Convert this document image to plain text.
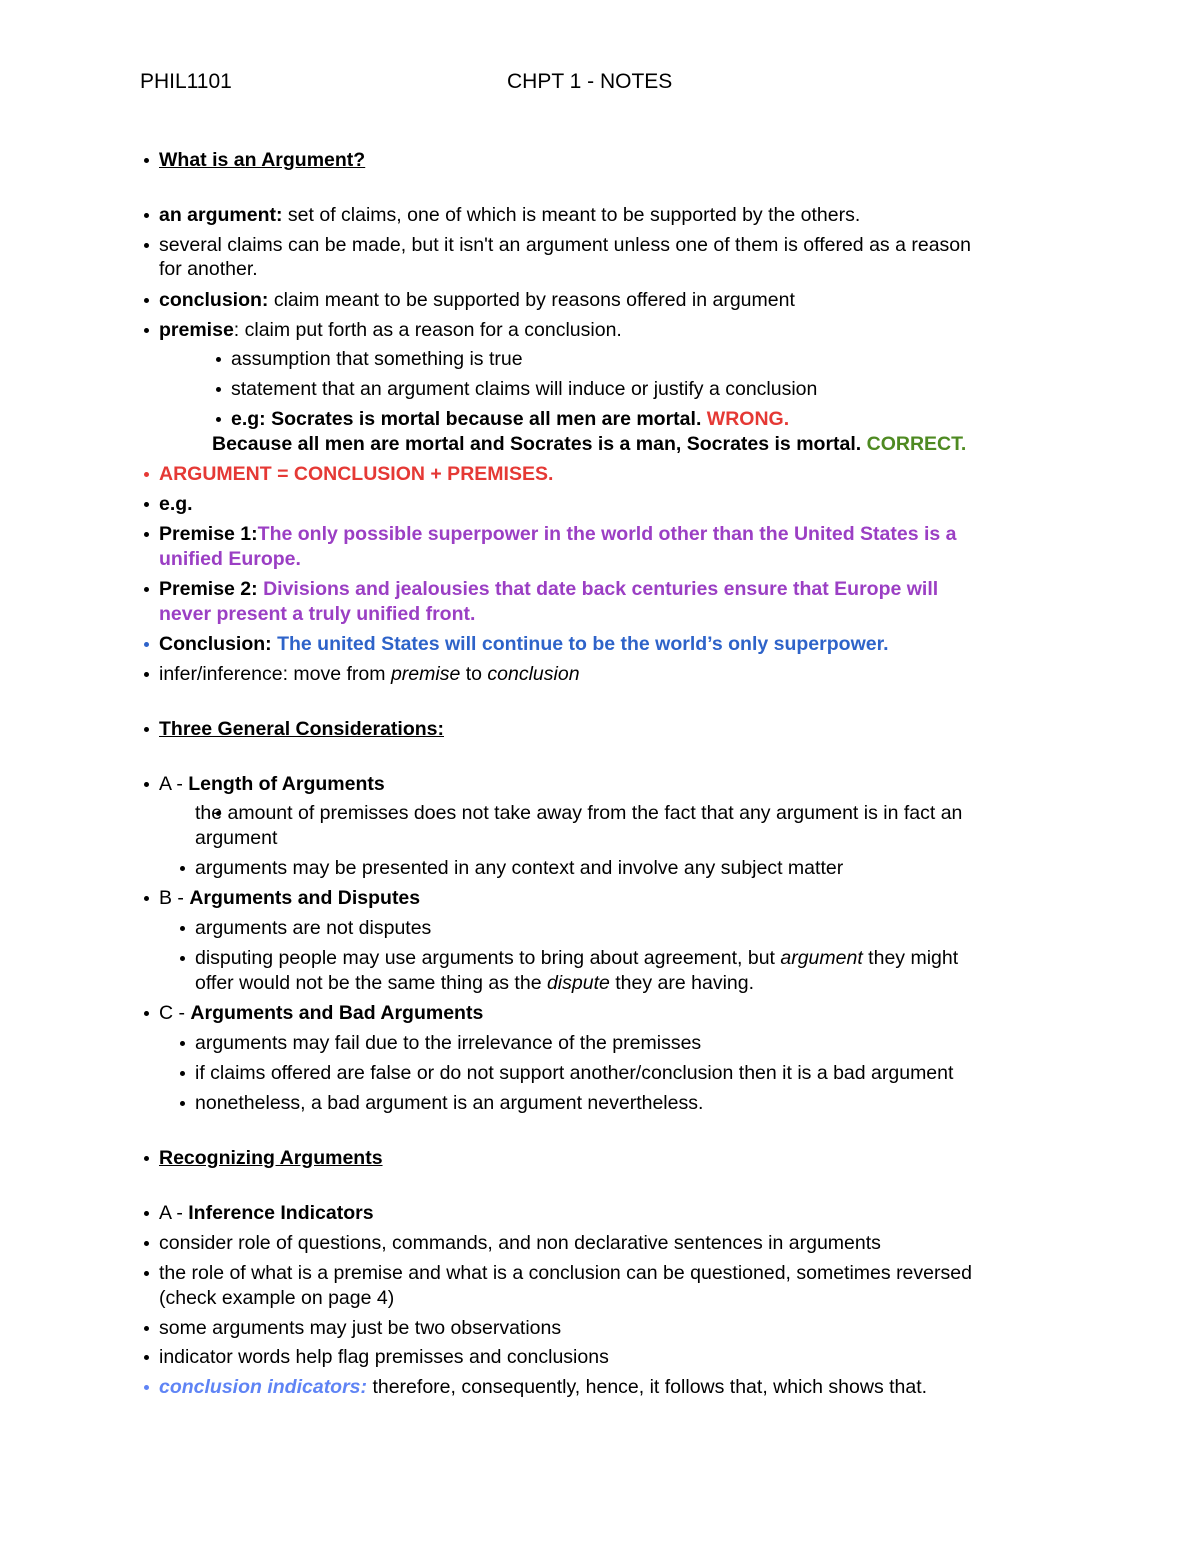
PHIL1101	CHPT 1 - NOTES
What is an Argument?
an argument: set of claims, one of which is meant to be supported by the others.
several claims can be made, but it isn't an argument unless one of them is offered as a reason
for another.
conclusion: claim meant to be supported by reasons offered in argument
premise: claim put forth as a reason for a conclusion.
assumption that something is true
statement that an argument claims will induce or justify a conclusion
e.g: Socrates is mortal because all men are mortal. WRONG.
Because all men are mortal and Socrates is a man, Socrates is mortal. CORRECT.
ARGUMENT = CONCLUSION + PREMISES.
e.g.
Premise 1:The only possible superpower in the world other than the United States is a
unified Europe.
Premise 2: Divisions and jealousies that date back centuries ensure that Europe will
never present a truly unified front.
Conclusion: The united States will continue to be the world’s only superpower.
infer/inference: move from premise to conclusion
Three General Considerations:
A - Length of Arguments
the amount of premisses does not take away from the fact that any argument is in fact an
argument
arguments may be presented in any context and involve any subject matter
B - Arguments and Disputes
arguments are not disputes
disputing people may use arguments to bring about agreement, but argument they might
offer would not be the same thing as the dispute they are having.
C - Arguments and Bad Arguments
arguments may fail due to the irrelevance of the premisses
if claims offered are false or do not support another/conclusion then it is a bad argument
nonetheless, a bad argument is an argument nevertheless.
Recognizing Arguments
A - Inference Indicators
consider role of questions, commands, and non declarative sentences in arguments
the role of what is a premise and what is a conclusion can be questioned, sometimes reversed
(check example on page 4)
some arguments may just be two observations
indicator words help flag premisses and conclusions
conclusion indicators: therefore, consequently, hence, it follows that, which shows that.
